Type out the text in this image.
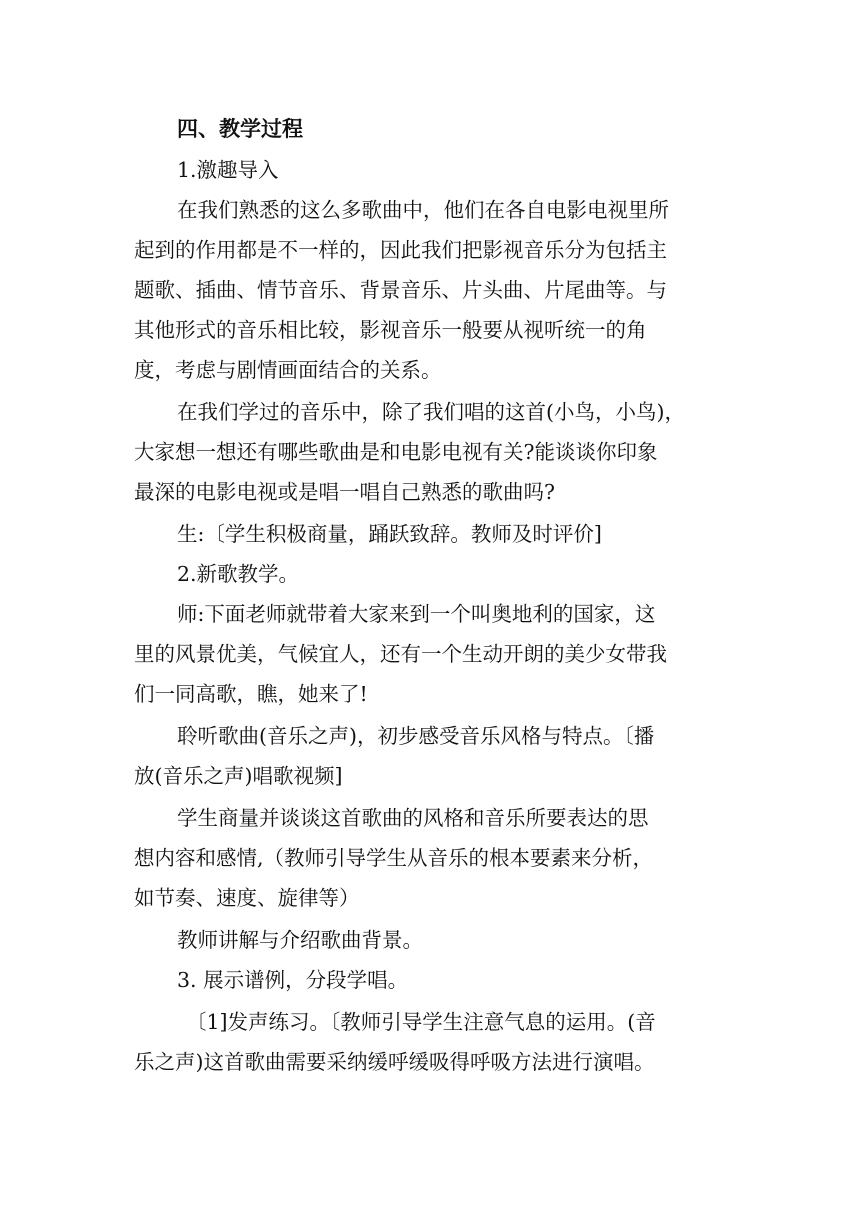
四、教学过程
1.激趣导入
在我们熟悉的这么多歌曲中，他们在各自电影电视里所
起到的作用都是不一样的，因此我们把影视音乐分为包括主
题歌、插曲、情节音乐、背景音乐、片头曲、片尾曲等。与
其他形式的音乐相比较，影视音乐一般要从视听统一的角
度，考虑与剧情画面结合的关系。
在我们学过的音乐中，除了我们唱的这首(小鸟，小鸟)，
大家想一想还有哪些歌曲是和电影电视有关?能谈谈你印象
最深的电影电视或是唱一唱自己熟悉的歌曲吗?
生:〔学生积极商量，踊跃致辞。教师及时评价]
2.新歌教学。
师:下面老师就带着大家来到一个叫奥地利的国家，这
里的风景优美，气候宜人，还有一个生动开朗的美少女带我
们一同高歌，瞧，她来了!
聆听歌曲(音乐之声)，初步感受音乐风格与特点。〔播
放(音乐之声)唱歌视频]
学生商量并谈谈这首歌曲的风格和音乐所要表达的思
想内容和感情,（教师引导学生从音乐的根本要素来分析，
如节奏、速度、旋律等）
教师讲解与介绍歌曲背景。
3. 展示谱例，分段学唱。
〔1]发声练习。〔教师引导学生注意气息的运用。(音
乐之声)这首歌曲需要采纳缓呼缓吸得呼吸方法进行演唱。
